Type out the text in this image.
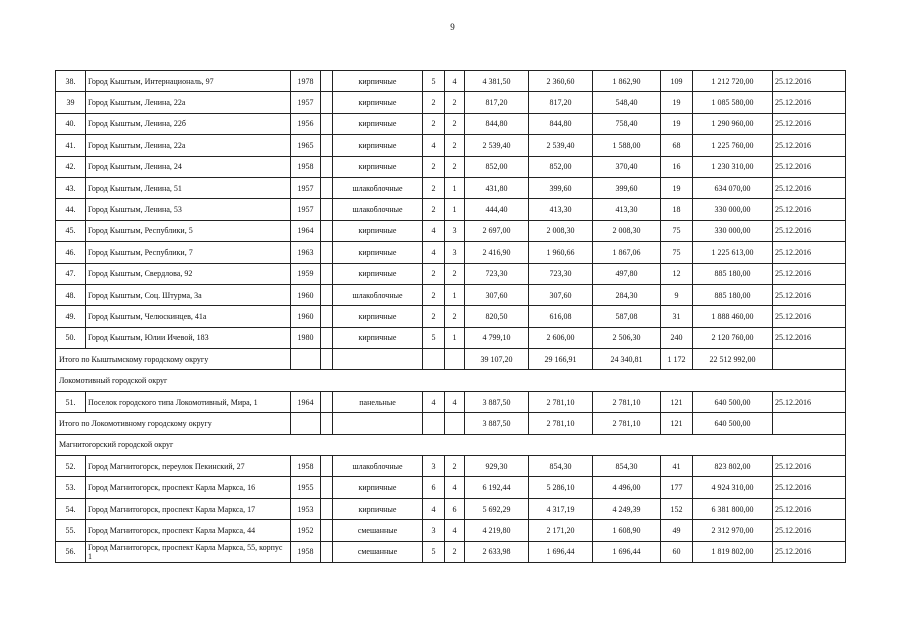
9
38.	Город Кыштым, Интернациональ, 97	1978		кирпичные	5	4	4 381,50	2 360,60	1 862,90	109	1 212 720,00	25.12.2016
39	Город Кыштым, Ленина, 22а	1957		кирпичные	2	2	817,20	817,20	548,40	19	1 085 580,00	25.12.2016
40.	Город Кыштым, Ленина, 22б	1956		кирпичные	2	2	844,80	844,80	758,40	19	1 290 960,00	25.12.2016
41.	Город Кыштым, Ленина, 22а	1965		кирпичные	4	2	2 539,40	2 539,40	1 588,00	68	1 225 760,00	25.12.2016
42.	Город Кыштым, Ленина, 24	1958		кирпичные	2	2	852,00	852,00	370,40	16	1 230 310,00	25.12.2016
43.	Город Кыштым, Ленина, 51	1957		шлакоблочные	2	1	431,80	399,60	399,60	19	634 070,00	25.12.2016
44.	Город Кыштым, Ленина, 53	1957		шлакоблочные	2	1	444,40	413,30	413,30	18	330 000,00	25.12.2016
45.	Город Кыштым, Республики, 5	1964		кирпичные	4	3	2 697,00	2 008,30	2 008,30	75	330 000,00	25.12.2016
46.	Город Кыштым, Республики, 7	1963		кирпичные	4	3	2 416,90	1 960,66	1 867,06	75	1 225 613,00	25.12.2016
47.	Город Кыштым, Свердлова, 92	1959		кирпичные	2	2	723,30	723,30	497,80	12	885 180,00	25.12.2016
48.	Город Кыштым, Соц. Штурма, 3а	1960		шлакоблочные	2	1	307,60	307,60	284,30	9	885 180,00	25.12.2016
49.	Город Кыштым, Челюскинцев, 41а	1960		кирпичные	2	2	820,50	616,08	587,08	31	1 888 460,00	25.12.2016
50.	Город Кыштым, Юлии Ичевой, 183	1980		кирпичные	5	1	4 799,10	2 606,00	2 506,30	240	2 120 760,00	25.12.2016
Итого по Кыштымскому городскому округу							39 107,20	29 166,91	24 340,81	1 172	22 512 992,00	
Локомотивный городской округ												
51.	Поселок городского типа Локомотивный, Мира, 1	1964		панельные	4	4	3 887,50	2 781,10	2 781,10	121	640 500,00	25.12.2016
Итого по Локомотивному городскому округу							3 887,50	2 781,10	2 781,10	121	640 500,00	
Магнитогорский городской округ												
52.	Город Магнитогорск, переулок Пекинский, 27	1958		шлакоблочные	3	2	929,30	854,30	854,30	41	823 802,00	25.12.2016
53.	Город Магнитогорск, проспект Карла Маркса, 16	1955		кирпичные	6	4	6 192,44	5 286,10	4 496,00	177	4 924 310,00	25.12.2016
54.	Город Магнитогорск, проспект Карла Маркса, 17	1953		кирпичные	4	6	5 692,29	4 317,19	4 249,39	152	6 381 800,00	25.12.2016
55.	Город Магнитогорск, проспект Карла Маркса, 44	1952		смешанные	3	4	4 219,80	2 171,20	1 608,90	49	2 312 970,00	25.12.2016
56.	Город Магнитогорск, проспект Карла Маркса, 55, корпус 1	1958		смешанные	5	2	2 633,98	1 696,44	1 696,44	60	1 819 802,00	25.12.2016
